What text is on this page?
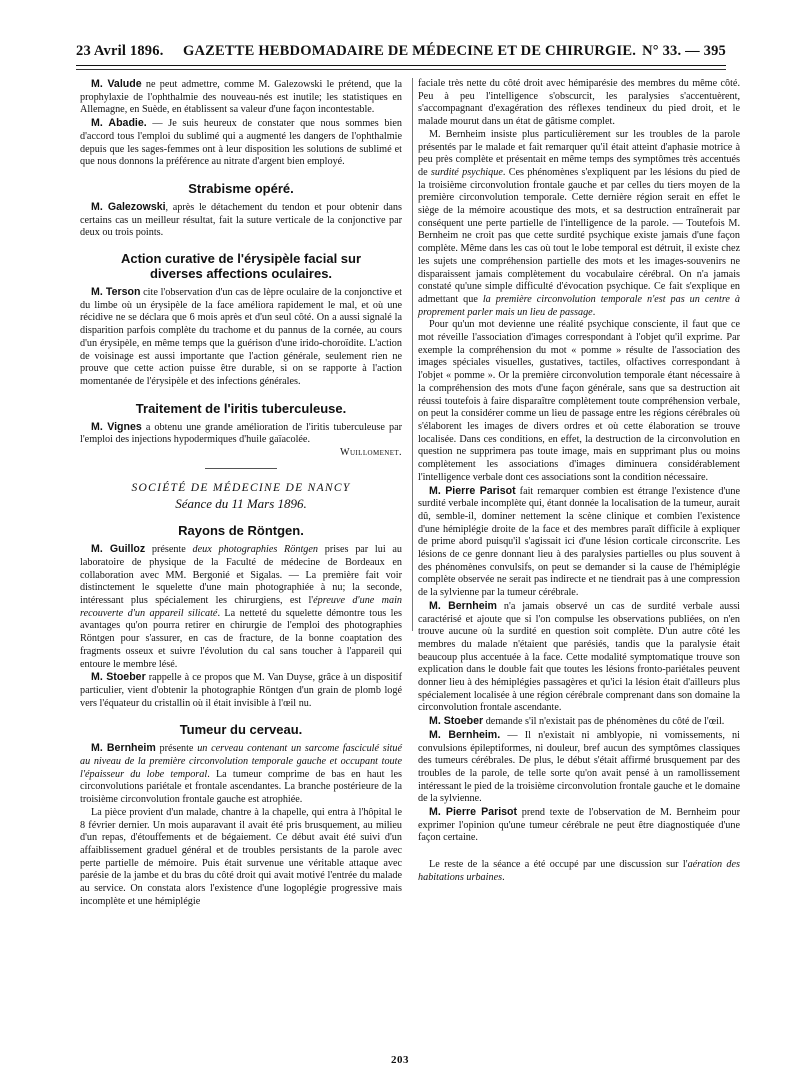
23 Avril 1896. GAZETTE HEBDOMADAIRE DE MÉDECINE ET DE CHIRURGIE. N° 33. — 395

M. Valude ne peut admettre, comme M. Galezowski le prétend, que la prophylaxie de l'ophthalmie des nouveau-nés est inutile; les statistiques en Allemagne, en Suède, en établissent sa valeur d'une façon incontestable.

M. Abadie. — Je suis heureux de constater que nous sommes bien d'accord tous l'emploi du sublimé qui a augmenté les dangers de l'ophthalmie depuis que les sages-femmes ont à leur disposition les solutions de sublimé et que nous donnons la préférence au nitrate d'argent bien employé.

Strabisme opéré.

M. Galezowski, après le détachement du tendon et pour obtenir dans certains cas un meilleur résultat, fait la suture verticale de la conjonctive par deux ou trois points.

Action curative de l'érysipèle facial sur
diverses affections oculaires.

M. Terson cite l'observation d'un cas de lèpre oculaire de la conjonctive et du limbe où un érysipèle de la face améliora rapidement le mal, et où une récidive ne se déclara que 6 mois après et d'un seul côté. On a aussi signalé la disparition parfois complète du trachome et du pannus de la cornée, au cours d'un érysipèle, en même temps que la guérison d'une irido-choroïdite. L'action de voisinage est aussi importante que l'action générale, seulement rien ne prouve que cette action puisse être durable, si on se rapporte à l'action momentanée de l'érysipèle et des infections générales.

Traitement de l'iritis tuberculeuse.

M. Vignes a obtenu une grande amélioration de l'iritis tuberculeuse par l'emploi des injections hypodermiques d'huile gaïacolée.

Wuillomenet.
SOCIÉTÉ DE MÉDECINE DE NANCY
Séance du 11 Mars 1896.
Rayons de Röntgen.

M. Guilloz présente deux photographies Röntgen prises par lui au laboratoire de physique de la Faculté de médecine de Bordeaux en collaboration avec MM. Bergonié et Sigalas. — La première fait voir distinctement le squelette d'une main photographiée à nu; la seconde, intéressant plus spécialement les chirurgiens, est l'épreuve d'une main recouverte d'un appareil silicaté. La netteté du squelette démontre tous les avantages qu'on pourra retirer en chirurgie de l'emploi des photographies Röntgen pour s'assurer, en cas de fracture, de la bonne coaptation des fragments osseux et suivre l'évolution du cal sans toucher à l'appareil qui entoure le membre lésé.

M. Stoeber rappelle à ce propos que M. Van Duyse, grâce à un dispositif particulier, vient d'obtenir la photographie Röntgen d'un grain de plomb logé vers l'équateur du cristallin où il était invisible à l'œil nu.

Tumeur du cerveau.

M. Bernheim présente un cerveau contenant un sarcome fasciculé situé au niveau de la première circonvolution temporale gauche et occupant toute l'épaisseur du lobe temporal. La tumeur comprime de bas en haut les circonvolutions pariétale et frontale ascendantes. La branche postérieure de la troisième circonvolution frontale gauche est atrophiée.

La pièce provient d'un malade, chantre à la chapelle, qui entra à l'hôpital le 8 février dernier. Un mois auparavant il avait été pris brusquement, au milieu d'un repas, d'étouffements et de bégaiement. Ce début avait été suivi d'un affaiblissement graduel général et de troubles persistants de la parole avec perte partielle de mémoire. Puis était survenue une véritable attaque avec parésie de la jambe et du bras du côté droit qui avait motivé l'entrée du malade au service. On constata alors l'existence d'une logoplégie progressive mais incomplète et une hémiplégie

faciale très nette du côté droit avec hémiparésie des membres du même côté. Peu à peu l'intelligence s'obscurcit, les paralysies s'accentuèrent, s'accompagnant d'exagération des réflexes tendineux du pied droit, et le malade mourut dans un état de gâtisme complet.

M. Bernheim insiste plus particulièrement sur les troubles de la parole présentés par le malade et fait remarquer qu'il était atteint d'aphasie motrice à peu près complète et présentait en même temps des symptômes très accentués de surdité psychique. Ces phénomènes s'expliquent par les lésions du pied de la troisième circonvolution frontale gauche et par celles du tiers moyen de la première circonvolution temporale. Cette dernière région serait en effet le siège de la mémoire acoustique des mots, et sa destruction entraînerait par conséquent une perte partielle de l'intelligence de la parole. — Toutefois M. Bernheim ne croit pas que cette surdité psychique existe jamais d'une façon complète. Même dans les cas où tout le lobe temporal est détruit, il existe chez les sujets une compréhension partielle des mots et les images-souvenirs ne disparaissent jamais complètement du vocabulaire cérébral. On n'a jamais constaté qu'une simple difficulté d'évocation psychique. Ce fait s'explique en admettant que la première circonvolution temporale n'est pas un centre à proprement parler mais un lieu de passage.

Pour qu'un mot devienne une réalité psychique consciente, il faut que ce mot réveille l'association d'images correspondant à l'objet qu'il exprime. Par exemple la compréhension du mot « pomme » résulte de l'association des images spéciales visuelles, gustatives, tactiles, olfactives correspondant à l'objet « pomme ». Or la première circonvolution temporale étant nécessaire à la compréhension des mots d'une façon générale, sans que sa destruction ait réussi toutefois à faire disparaître complètement toute compréhension verbale, on peut la considérer comme un lieu de passage entre les régions cérébrales où s'élaborent les images de divers ordres et où cette élaboration se trouve localisée. Dans ces conditions, en effet, la destruction de la circonvolution en question ne supprimera pas toute image, mais en supprimant plus ou moins complètement les associations d'images diminuera considérablement l'intelligence verbale dont ces associations sont la condition nécessaire.

M. Pierre Parisot fait remarquer combien est étrange l'existence d'une surdité verbale incomplète qui, étant donnée la localisation de la tumeur, aurait dû, semble-il, dominer nettement la scène clinique et combien l'existence d'une hémiplégie droite de la face et des membres paraît difficile à expliquer de prime abord puisqu'il s'agissait ici d'une lésion corticale circonscrite. Les lésions de ce genre donnant lieu à des paralysies partielles ou plus souvent à des phénomènes convulsifs, on peut se demander si la cause de l'hémiplégie complète observée ne serait pas indirecte et ne tiendrait pas à une compression de la sylvienne par la tumeur cérébrale.

M. Bernheim n'a jamais observé un cas de surdité verbale aussi caractérisé et ajoute que si l'on compulse les observations publiées, on n'en trouve aucune où la surdité en question soit complète. D'un autre côté les membres du malade n'étaient que parésiés, tandis que la paralysie était beaucoup plus accentuée à la face. Cette modalité symptomatique trouve son explication dans le double fait que toutes les lésions fronto-pariétales peuvent donner lieu à des hémiplégies passagères et qu'ici la lésion était d'ailleurs plus spécialement localisée à une région cérébrale comprenant dans son domaine la circonvolution frontale ascendante.

M. Stoeber demande s'il n'existait pas de phénomènes du côté de l'œil.

M. Bernheim. — Il n'existait ni amblyopie, ni vomissements, ni convulsions épileptiformes, ni douleur, bref aucun des symptômes classiques des tumeurs cérébrales. De plus, le début s'était affirmé brusquement par des troubles de la parole, de telle sorte qu'on avait pensé à un ramollissement intéressant le pied de la troisième circonvolution frontale gauche et le domaine de la sylvienne.

M. Pierre Parisot prend texte de l'observation de M. Bernheim pour exprimer l'opinion qu'une tumeur cérébrale ne peut être diagnostiquée d'une façon certaine.

Le reste de la séance a été occupé par une discussion sur l'aération des habitations urbaines.

203
